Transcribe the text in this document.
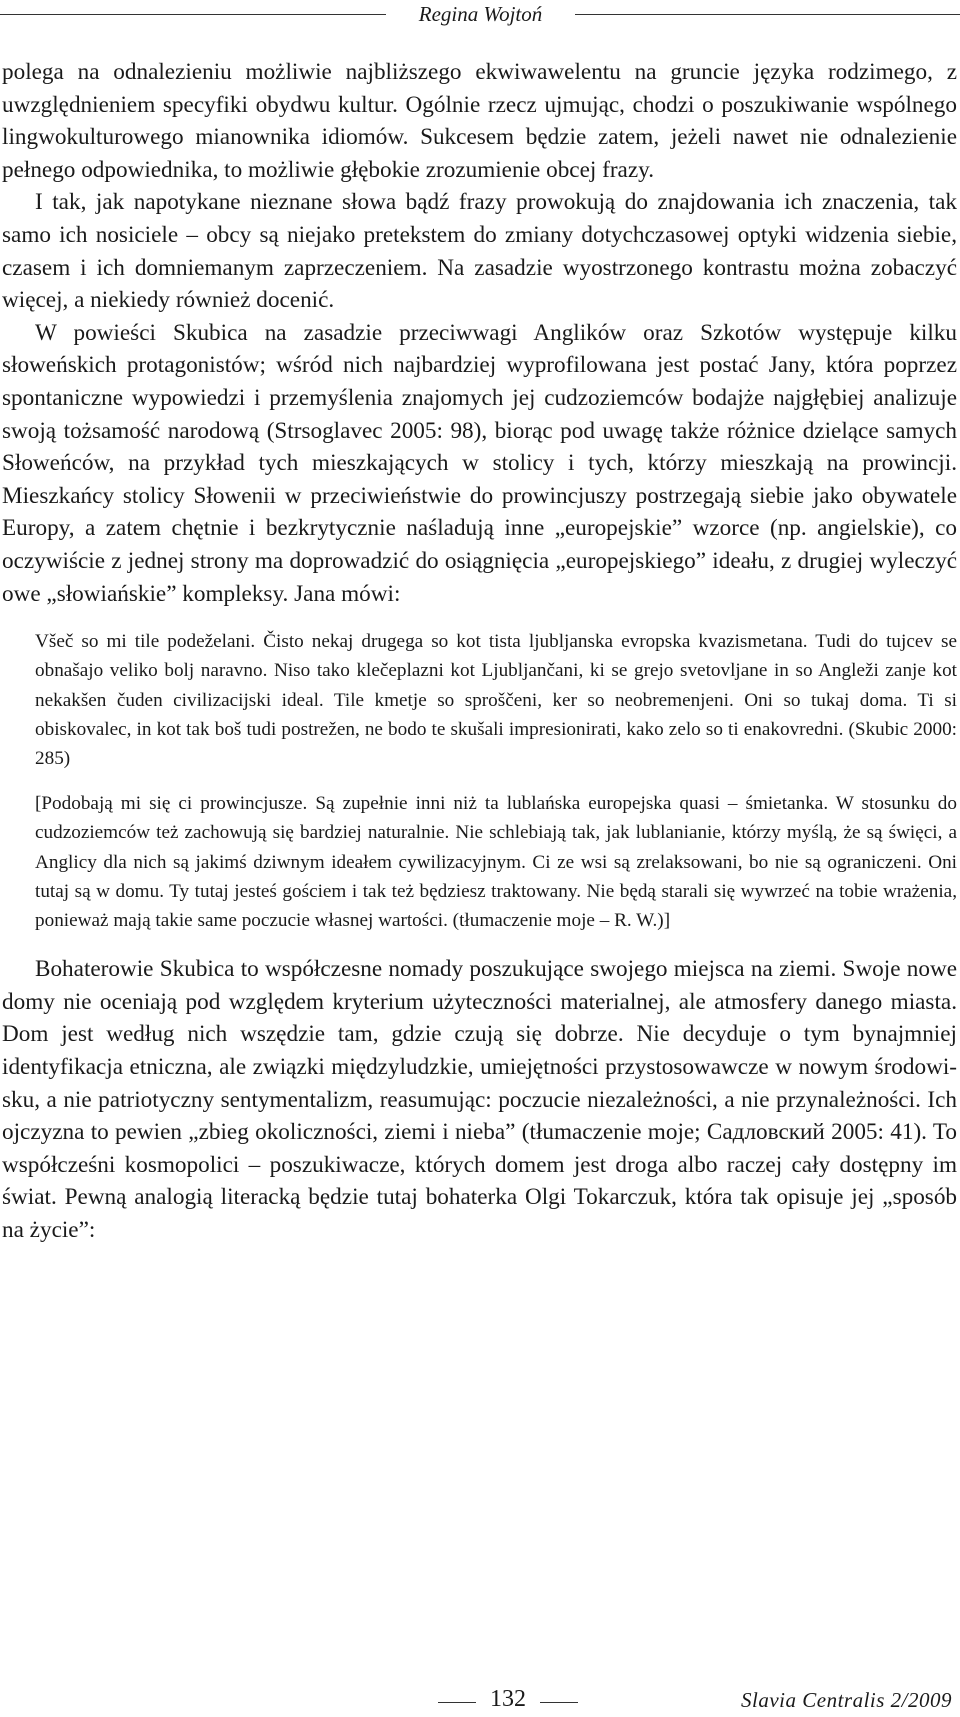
Regina Wojtoń

polega na odnalezieniu możliwie najbliższego ekwiwawelentu na gruncie języka rodzimego, z uwzględnieniem specyfiki obydwu kultur. Ogólnie rzecz ujmując, chodzi o poszukiwanie wspólnego lingwokulturowego mianownika idiomów. Sukcesem będzie zatem, jeżeli nawet nie odnalezienie pełnego odpowiednika, to możliwie głębokie zrozumienie obcej frazy.

I tak, jak napotykane nieznane słowa bądź frazy prowokują do znajdowania ich znaczenia, tak samo ich nosiciele – obcy są niejako pretekstem do zmiany dotychczasowej optyki widzenia siebie, czasem i ich domniemanym zaprzeczeniem. Na zasadzie wyostrzonego kontrastu można zobaczyć więcej, a niekiedy również docenić.

W powieści Skubica na zasadzie przeciwwagi Anglików oraz Szkotów występuje kilku słoweńskich protagonistów; wśród nich najbardziej wyprofilowana jest postać Jany, która poprzez spontaniczne wypowiedzi i przemyślenia znajomych jej cudzoziemców bodajże najgłębiej analizuje swoją tożsamość narodową (Strsoglavec 2005: 98), biorąc pod uwagę także różnice dzielące samych Słoweńców, na przykład tych mieszkających w stolicy i tych, którzy mieszkają na prowincji. Mieszkańcy stolicy Słowenii w przeciwieństwie do prowincjuszy postrzegają siebie jako obywatele Europy, a zatem chętnie i bezkrytycznie naśladują inne „europejskie” wzorce (np. angielskie), co oczywiście z jednej strony ma doprowadzić do osiągnięcia „europejskiego” ideału, z drugiej wyleczyć owe „słowiańskie” kompleksy. Jana mówi:

Všeč so mi tile podeželani. Čisto nekaj drugega so kot tista ljubljanska evropska kvazismetana. Tudi do tujcev se obnašajo veliko bolj naravno. Niso tako klečeplazni kot Ljubljančani, ki se grejo svetovljane in so Angleži zanje kot nekakšen čuden civilizacijski ideal. Tile kmetje so sproščeni, ker so neobremenjeni. Oni so tukaj doma. Ti si obiskovalec, in kot tak boš tudi postrežen, ne bodo te skušali impresionirati, kako zelo so ti enakovredni. (Skubic 2000: 285)

[Podobają mi się ci prowincjusze. Są zupełnie inni niż ta lublańska europejska quasi – śmietanka. W stosunku do cudzoziemców też zachowują się bardziej naturalnie. Nie schlebiają tak, jak lublanianie, którzy myślą, że są święci, a Anglicy dla nich są jakimś dziwnym ideałem cywilizacyjnym. Ci ze wsi są zrelaksowani, bo nie są ograniczeni. Oni tutaj są w domu. Ty tutaj jesteś gościem i tak też będziesz traktowany. Nie będą starali się wywrzeć na tobie wrażenia, ponieważ mają takie same poczucie własnej wartości. (tłumaczenie moje – R. W.)]

Bohaterowie Skubica to współczesne nomady poszukujące swojego miejsca na ziemi. Swoje nowe domy nie oceniają pod względem kryterium użyteczności materialnej, ale atmosfery danego miasta. Dom jest według nich wszędzie tam, gdzie czują się dobrze. Nie decyduje o tym bynajmniej identyfikacja etniczna, ale związki międzyludzkie, umiejętności przystosowawcze w nowym środowisku, a nie patriotyczny sentymentalizm, reasumując: poczucie niezależności, a nie przynależności. Ich ojczyzna to pewien „zbieg okoliczności, ziemi i nieba” (tłumaczenie moje; Садловский 2005: 41). To współcześni kosmopolici – poszukiwacze, których domem jest droga albo raczej cały dostępny im świat. Pewną analogią literacką będzie tutaj bohaterka Olgi Tokarczuk, która tak opisuje jej „sposób na życie”:

132	Slavia Centralis 2/2009
